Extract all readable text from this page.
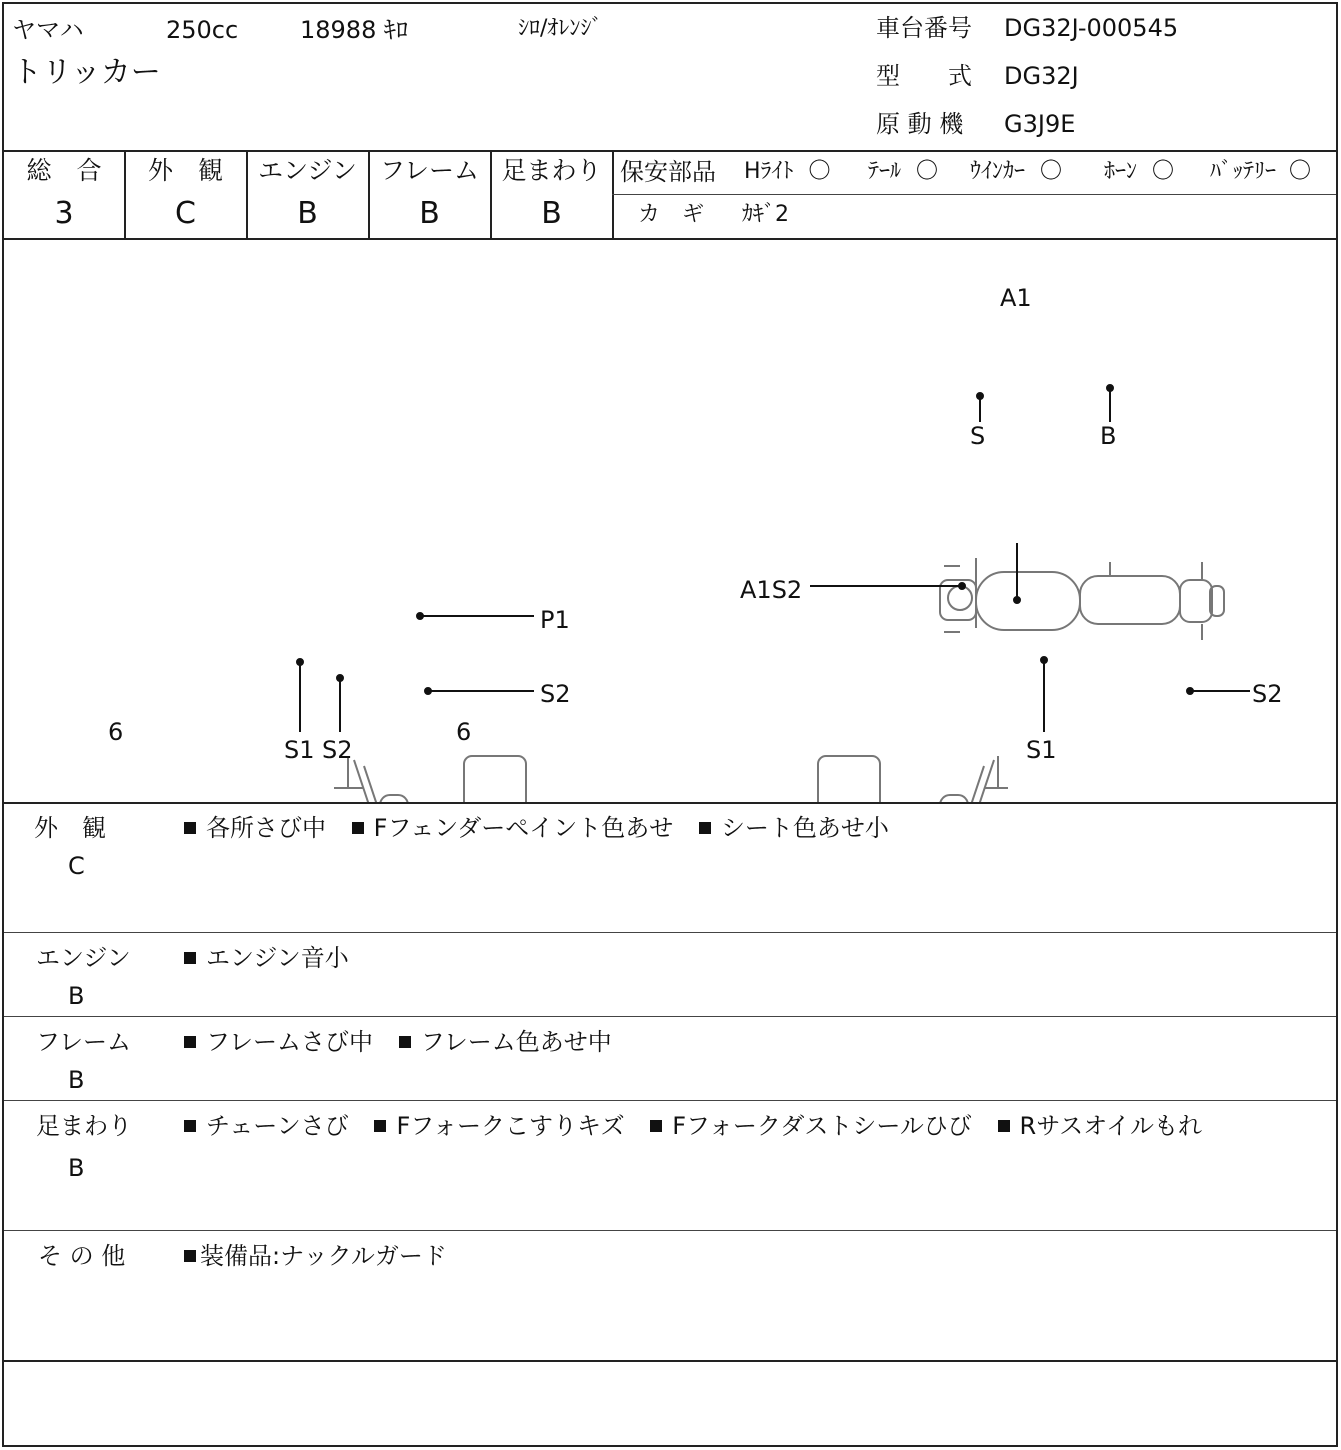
ヤマハ	250cc	18988 ｷﾛ	ｼﾛ/ｵﾚﾝｼﾞ
トリッカー
車台番号 DG32J-000545
型　　式 DG32J
原 動 機 G3J9E
総　合
3
外　観
C
エンジン
B
フレーム
B
足まわり
B
保安部品 Hﾗｲﾄ 〇 ﾃｰﾙ 〇 ｳｲﾝｶｰ 〇 ﾎｰﾝ 〇 ﾊﾞｯﾃﾘｰ 〇
カ　ギ ｶｷﾞ2
A1
S	B
P1
S2
6	6
S1 S2
A1S2
S2
S1
外　観
C
各所さび中 Fフェンダーペイント色あせ シート色あせ小
エンジン
B
エンジン音小
フレーム
B
フレームさび中 フレーム色あせ中
足まわり
B
チェーンさび Fフォークこすりキズ Fフォークダストシールひび Rサスオイルもれ
そ の 他	装備品:ナックルガード
